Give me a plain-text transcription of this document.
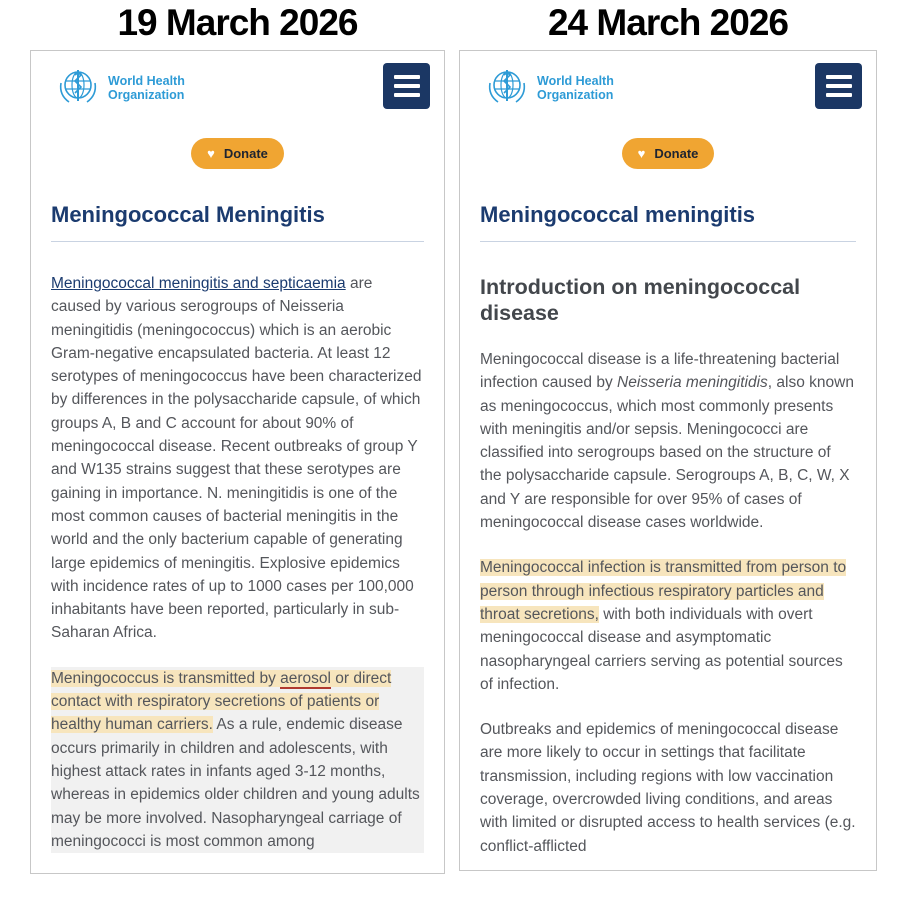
19 March 2026
World Health
Organization
♥ Donate
Meningococcal Meningitis

Meningococcal meningitis and septicaemia are caused by various serogroups of Neisseria meningitidis (meningococcus) which is an aerobic Gram-negative encapsulated bacteria. At least 12 serotypes of meningococcus have been characterized by differences in the polysaccharide capsule, of which groups A, B and C account for about 90% of meningococcal disease. Recent outbreaks of group Y and W135 strains suggest that these serotypes are gaining in importance. N. meningitidis is one of the most common causes of bacterial meningitis in the world and the only bacterium capable of generating large epidemics of meningitis. Explosive epidemics with incidence rates of up to 1000 cases per 100,000 inhabitants have been reported, particularly in sub-Saharan Africa.

Meningococcus is transmitted by aerosol or direct contact with respiratory secretions of patients or healthy human carriers. As a rule, endemic disease occurs primarily in children and adolescents, with highest attack rates in infants aged 3-12 months, whereas in epidemics older children and young adults may be more involved. Nasopharyngeal carriage of meningococci is most common among

24 March 2026
World Health
Organization
♥ Donate
Meningococcal meningitis
Introduction on meningococcal disease

Meningococcal disease is a life-threatening bacterial infection caused by Neisseria meningitidis, also known as meningococcus, which most commonly presents with meningitis and/or sepsis. Meningococci are classified into serogroups based on the structure of the polysaccharide capsule. Serogroups A, B, C, W, X and Y are responsible for over 95% of cases of meningococcal disease cases worldwide.

Meningococcal infection is transmitted from person to person through infectious respiratory particles and throat secretions, with both individuals with overt meningococcal disease and asymptomatic nasopharyngeal carriers serving as potential sources of infection.

Outbreaks and epidemics of meningococcal disease are more likely to occur in settings that facilitate transmission, including regions with low vaccination coverage, overcrowded living conditions, and areas with limited or disrupted access to health services (e.g. conflict-afflicted
